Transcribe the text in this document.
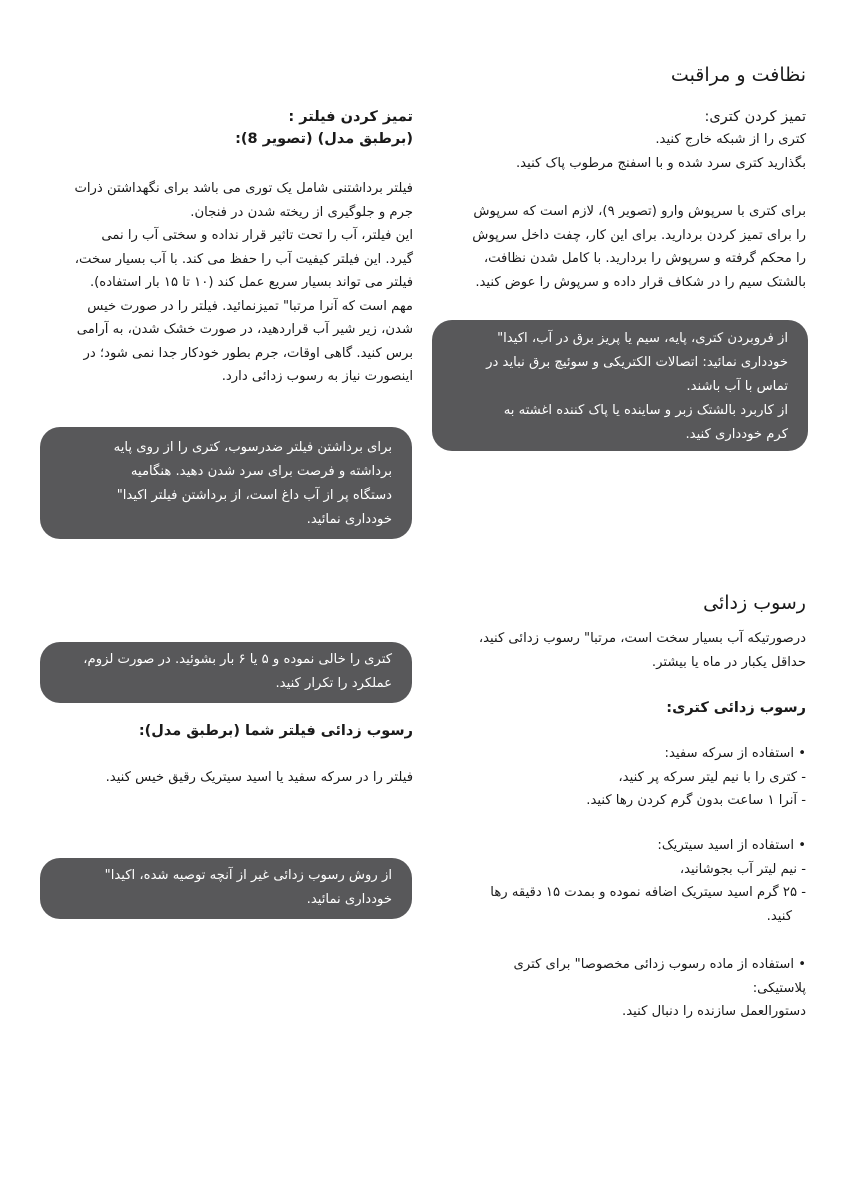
نظافت و مراقبت
تمیز کردن کتری:
کتری را از شبکه خارج کنید.
بگذارید کتری سرد شده و با اسفنج مرطوب پاک کنید.
برای کتری با سرپوش وارو (تصویر ۹)، لازم است که سرپوش
را برای تمیز کردن بردارید. برای این کار، چفت داخل سرپوش
را محکم گرفته و سرپوش را بردارید. با کامل شدن نظافت،
بالشتک سیم را در شکاف قرار داده و سرپوش را عوض کنید.
از فروبردن کتری، پایه، سیم یا پریز برق در آب، اکیدا"
خودداری نمائید: اتصالات الکتریکی و سوئیچ برق نباید در
تماس با آب باشند.
از کاربرد بالشتک زبر و ساینده یا پاک کننده اغشته به
کرم خودداری کنید.
تمیز کردن فیلتر :
(برطبق مدل) (تصویر 8):
فیلتر برداشتنی شامل یک توری می باشد برای نگهداشتن ذرات
جرم و جلوگیری از ریخته شدن در فنجان.
این فیلتر، آب را تحت تاثیر قرار نداده و سختی آب را نمی
گیرد. این فیلتر کیفیت آب را حفظ می کند. با آب بسیار سخت،
فیلتر می تواند بسیار سریع عمل کند (۱۰ تا ۱۵ بار استفاده).
مهم است که آنرا مرتبا" تمیزنمائید. فیلتر را در صورت خیس
شدن، زیر شیر آب قراردهید، در صورت خشک شدن، به آرامی
برس کنید. گاهی اوقات، جرم بطور خودکار جدا نمی شود؛ در
اینصورت نیاز به رسوب زدائی دارد.
برای برداشتن فیلتر ضدرسوب، کتری را از روی پایه
برداشته و فرصت برای سرد شدن دهید. هنگامیه
دستگاه پر از آب داغ است، از برداشتن فیلتر اکیدا"
خودداری نمائید.
رسوب زدائی
درصورتیکه آب بسیار سخت است، مرتبا" رسوب زدائی کنید،
حداقل یکبار در ماه یا بیشتر.
رسوب زدائی کتری:
• استفاده از سرکه سفید:
- کتری را با نیم لیتر سرکه پر کنید،
- آنرا ۱ ساعت بدون گرم کردن رها کنید.
• استفاده از اسید سیتریک:
- نیم لیتر آب بجوشانید،
- ۲۵ گرم اسید سیتریک اضافه نموده و بمدت ۱۵ دقیقه رها
کنید.
• استفاده از ماده رسوب زدائی مخصوصا" برای کتری
پلاستیکی:
دستورالعمل سازنده را دنبال کنید.
کتری را خالی نموده و ۵ یا ۶ بار بشوئید. در صورت لزوم،
عملکرد را تکرار کنید.
رسوب زدائی فیلتر شما (برطبق مدل):
فیلتر را در سرکه سفید یا اسید سیتریک رقیق خیس کنید.
از روش رسوب زدائی غیر از آنچه توصیه شده، اکیدا"
خودداری نمائید.
